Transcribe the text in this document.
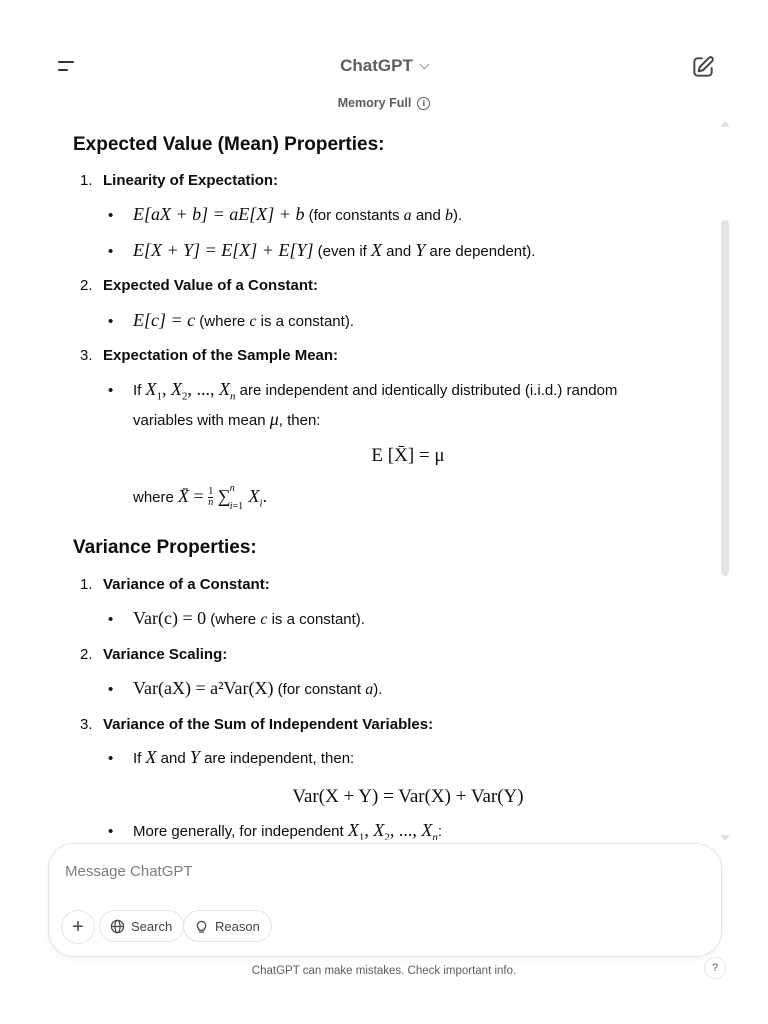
ChatGPT
Memory Full	i
Expected Value (Mean) Properties:
1. Linearity of Expectation:
• E[aX + b] = aE[X] + b (for constants a and b).
• E[X + Y] = E[X] + E[Y] (even if X and Y are dependent).
2. Expected Value of a Constant:
• E[c] = c (where c is a constant).
3. Expectation of the Sample Mean:
• If $X_1$, $X_2$, ..., $X_n$ are independent and identically distributed (i.i.d.) random
variables with mean μ, then:
E [X̄] = μ
where X̄ = $\frac{1}{n}$ ∑ n
i=1
$X_i$.
Variance Properties:
1. Variance of a Constant:
• Var(c) = 0 (where c is a constant).
2. Variance Scaling:
• Var(aX) = a²Var(X) (for constant a).
3. Variance of the Sum of Independent Variables:
• If X and Y are independent, then:
Var(X + Y) = Var(X) + Var(Y)
• More generally, for independent $X_1$, $X_2$, ..., $X_n$:
Message ChatGPT
+	Search	Reason
ChatGPT can make mistakes. Check important info.	?
